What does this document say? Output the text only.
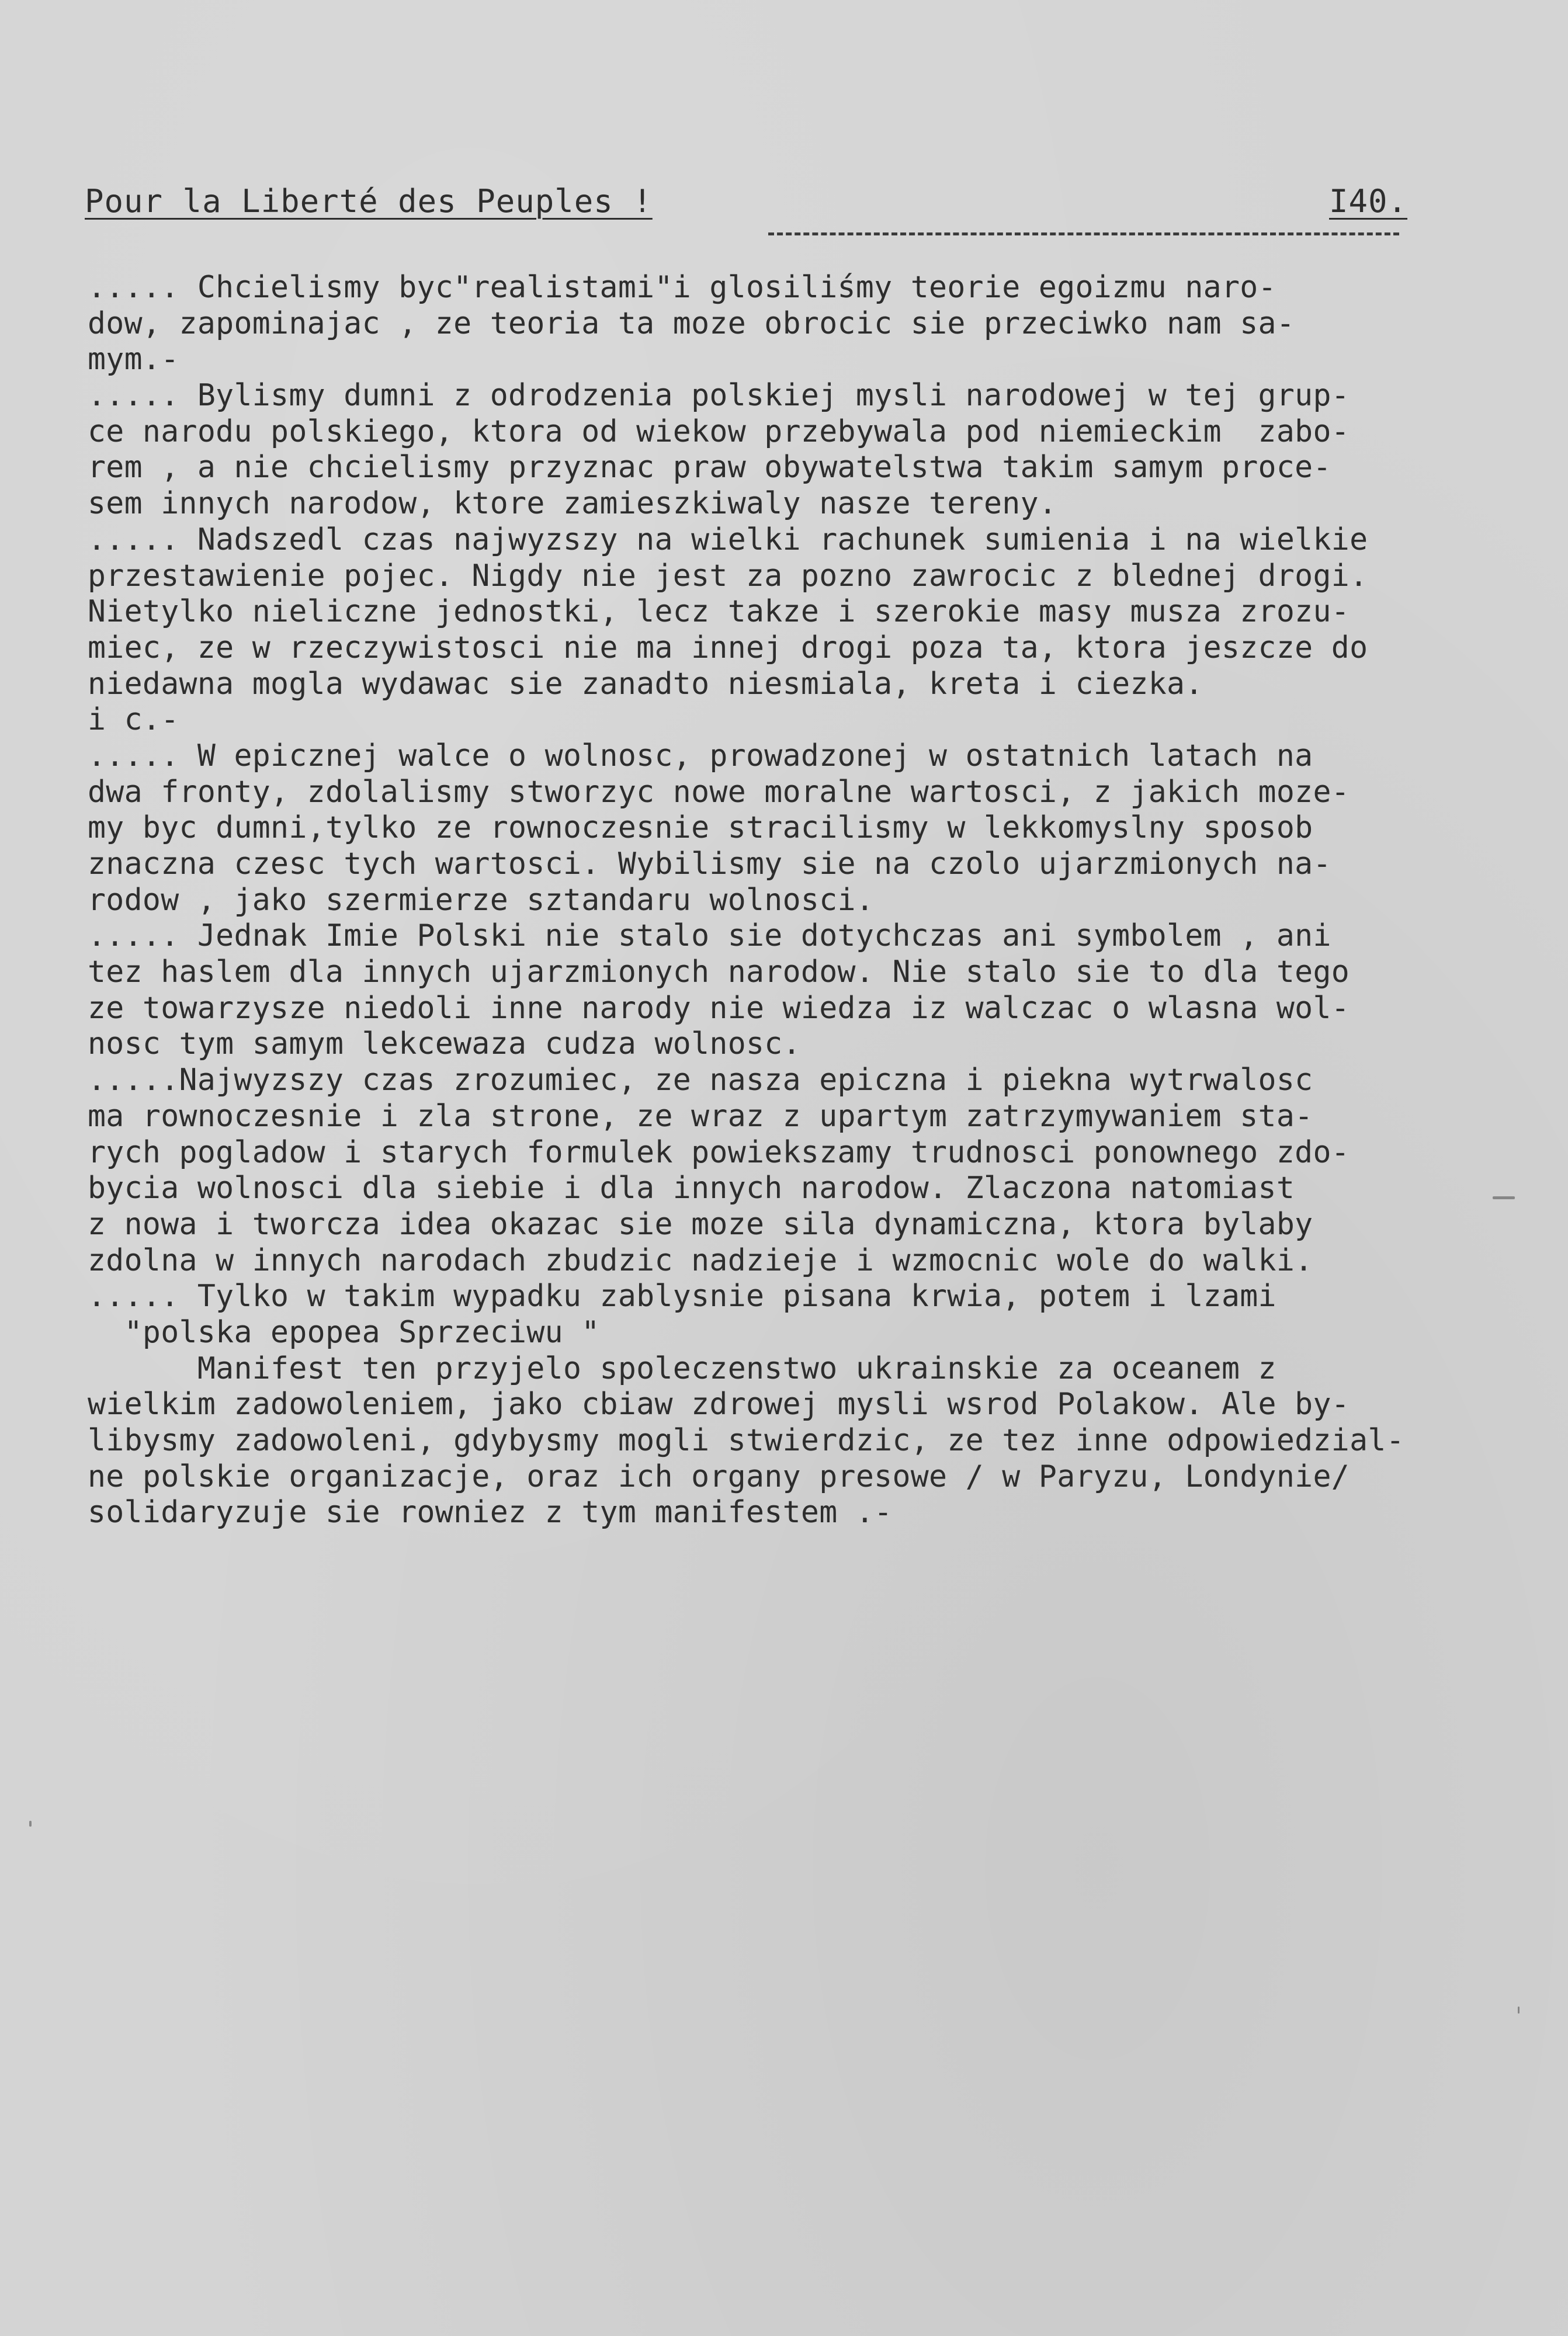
Pour la Liberté des Peuples !

	I40.

..... Chcielismy byc"realistami"i glosiliśmy teorie egoizmu naro-
dow, zapominajac , ze teoria ta moze obrocic sie przeciwko nam sa-
mym.-
..... Bylismy dumni z odrodzenia polskiej mysli narodowej w tej grup-
ce narodu polskiego, ktora od wiekow przebywala pod niemieckim  zabo-
rem , a nie chcielismy przyznac praw obywatelstwa takim samym proce-
sem innych narodow, ktore zamieszkiwaly nasze tereny.
..... Nadszedl czas najwyzszy na wielki rachunek sumienia i na wielkie
przestawienie pojec. Nigdy nie jest za pozno zawrocic z blednej drogi.
Nietylko nieliczne jednostki, lecz takze i szerokie masy musza zrozu-
miec, ze w rzeczywistosci nie ma innej drogi poza ta, ktora jeszcze do
niedawna mogla wydawac sie zanadto niesmiala, kreta i ciezka.
i c.-
..... W epicznej walce o wolnosc, prowadzonej w ostatnich latach na
dwa fronty, zdolalismy stworzyc nowe moralne wartosci, z jakich moze-
my byc dumni,tylko ze rownoczesnie stracilismy w lekkomyslny sposob
znaczna czesc tych wartosci. Wybilismy sie na czolo ujarzmionych na-
rodow , jako szermierze sztandaru wolnosci.
..... Jednak Imie Polski nie stalo sie dotychczas ani symbolem , ani
tez haslem dla innych ujarzmionych narodow. Nie stalo sie to dla tego
ze towarzysze niedoli inne narody nie wiedza iz walczac o wlasna wol-
nosc tym samym lekcewaza cudza wolnosc.
.....Najwyzszy czas zrozumiec, ze nasza epiczna i piekna wytrwalosc
ma rownoczesnie i zla strone, ze wraz z upartym zatrzymywaniem sta-
rych pogladow i starych formulek powiekszamy trudnosci ponownego zdo-
bycia wolnosci dla siebie i dla innych narodow. Zlaczona natomiast
z nowa i tworcza idea okazac sie moze sila dynamiczna, ktora bylaby
zdolna w innych narodach zbudzic nadzieje i wzmocnic wole do walki.
..... Tylko w takim wypadku zablysnie pisana krwia, potem i lzami
"polska epopea Sprzeciwu "
Manifest ten przyjelo spoleczenstwo ukrainskie za oceanem z
wielkim zadowoleniem, jako cbiaw zdrowej mysli wsrod Polakow. Ale by-
libysmy zadowoleni, gdybysmy mogli stwierdzic, ze tez inne odpowiedzial-
ne polskie organizacje, oraz ich organy presowe / w Paryzu, Londynie/
solidaryzuje sie rowniez z tym manifestem .-
